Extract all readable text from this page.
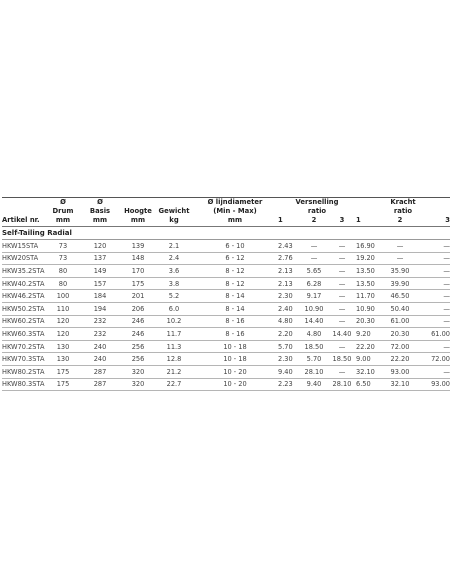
	Ø	Ø			Ø lijndiameter	Versnelling			Kracht		
	Drum	Basis	Hoogte	Gewicht	(Min - Max)	ratio			ratio		
Artikel nr.	mm	mm	mm	kg	mm	1	2	3	1	2	3
Self-Tailing Radial											
HKW15STA	73	120	139	2.1	6 - 10	2.43	—	—	16.90	—	—
HKW20STA	73	137	148	2.4	6 - 12	2.76	—	—	19.20	—	—
HKW35.2STA	80	149	170	3.6	8 - 12	2.13	5.65	—	13.50	35.90	—
HKW40.2STA	80	157	175	3.8	8 - 12	2.13	6.28	—	13.50	39.90	—
HKW46.2STA	100	184	201	5.2	8 - 14	2.30	9.17	—	11.70	46.50	—
HKW50.2STA	110	194	206	6.0	8 - 14	2.40	10.90	—	10.90	50.40	—
HKW60.2STA	120	232	246	10.2	8 - 16	4.80	14.40	—	20.30	61.00	—
HKW60.3STA	120	232	246	11.7	8 - 16	2.20	4.80	14.40	9.20	20.30	61.00
HKW70.2STA	130	240	256	11.3	10 - 18	5.70	18.50	—	22.20	72.00	—
HKW70.3STA	130	240	256	12.8	10 - 18	2.30	5.70	18.50	9.00	22.20	72.00
HKW80.2STA	175	287	320	21.2	10 - 20	9.40	28.10	—	32.10	93.00	—
HKW80.3STA	175	287	320	22.7	10 - 20	2.23	9.40	28.10	6.50	32.10	93.00
